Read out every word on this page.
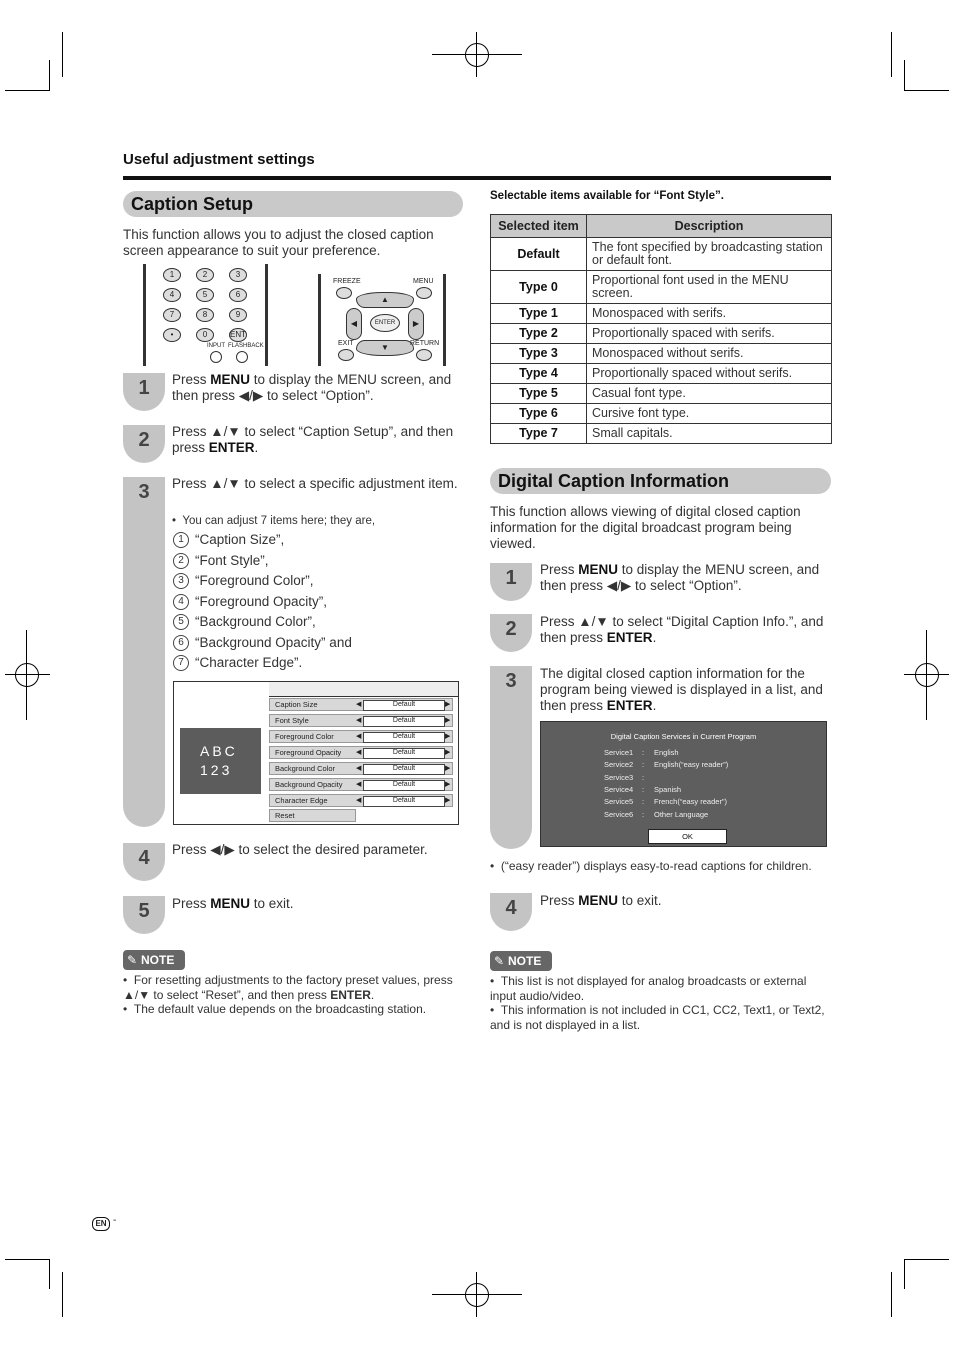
Useful adjustment settings
Caption Setup
This function allows you to adjust the closed caption screen appearance to suit your preference.
1	2	3
4	5	6
7	8	9
•	0	ENT
FREEZE	MENU
▲
◀	▶
ENTER
▼
EXIT	RETURN
INPUT FLASHBACK
1
2
3
4
5
Press MENU to display the MENU screen, and then press ◀/▶ to select “Option”.
Press ▲/▼ to select “Caption Setup”, and then press ENTER.
Press ▲/▼ to select a specific adjustment item.
•  You can adjust 7 items here; they are,
1 “Caption Size”,
2 “Font Style”,
3 “Foreground Color”,
4 “Foreground Opacity”,
5 “Background Color”,
6 “Background Opacity” and
7 “Character Edge”.
ABC
123
Caption Size	◀	Default	▶
Font Style	◀	Default	▶
Foreground Color	◀	Default	▶
Foreground Opacity ◀	Default	▶
Background Color	◀	Default	▶
Background Opacity ◀	Default	▶
Character Edge	◀	Default	▶
Reset
Press ◀/▶ to select the desired parameter.
Press MENU to exit.
✎ NOTE
•  For resetting adjustments to the factory preset values, press ▲/▼ to select “Reset”, and then press ENTER.
•  The default value depends on the broadcasting station.
Selectable items available for “Font Style”.
Selected item	Description
Default	The font specified by broadcasting station or default font.
Type 0	Proportional font used in the MENU screen.
Type 1	Monospaced with serifs.
Type 2	Proportionally spaced with serifs.
Type 3	Monospaced without serifs.
Type 4	Proportionally spaced without serifs.
Type 5	Casual font type.
Type 6	Cursive font type.
Type 7	Small capitals.
Digital Caption Information
This function allows viewing of digital closed caption information for the digital broadcast program being viewed.
1
2
3
4
Press MENU to display the MENU screen, and then press ◀/▶ to select “Option”.
Press ▲/▼ to select “Digital Caption Info.”, and then press ENTER.
The digital closed caption information for the program being viewed is displayed in a list, and then press ENTER.
Digital Caption Services in Current Program
Service1 : English
Service2 : English(“easy reader”)
Service3 :
Service4 : Spanish
Service5 : French(“easy reader”)
Service6 : Other Language
OK
•  (“easy reader”) displays easy-to-read captions for children.
Press MENU to exit.
✎ NOTE
•  This list is not displayed for analog broadcasts or external input audio/video.
•  This information is not included in CC1, CC2, Text1, or Text2, and is not displayed in a list.
EN -
